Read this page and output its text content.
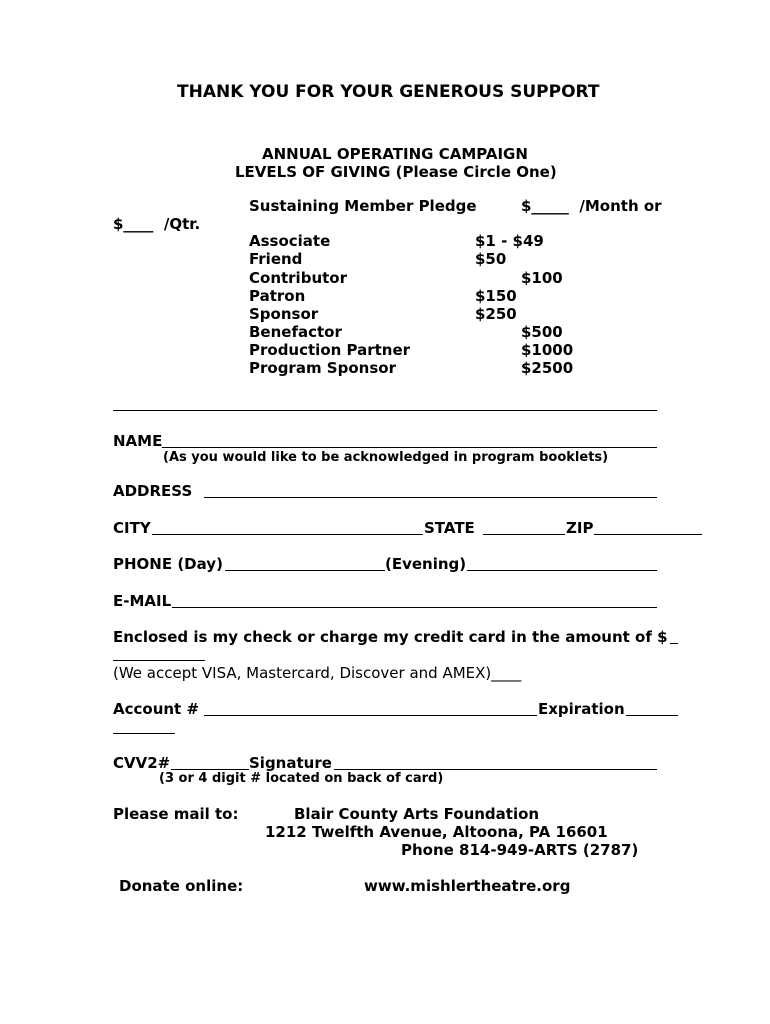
THANK YOU FOR YOUR GENEROUS SUPPORT
ANNUAL OPERATING CAMPAIGN
LEVELS OF GIVING (Please Circle One)
Sustaining Member Pledge	$_____  /Month or
$____  /Qtr.
Associate	$1 - $49
Friend	$50
Contributor	$100
Patron	$150
Sponsor	$250
Benefactor	$500
Production Partner	$1000
Program Sponsor	$2500
NAME
(As you would like to be acknowledged in program booklets)
ADDRESS
CITY	STATE	ZIP
PHONE (Day)	(Evening)
E-MAIL
Enclosed is my check or charge my credit card in the amount of $
(We accept VISA, Mastercard, Discover and AMEX)____
Account #	Expiration
CVV2#	Signature
(3 or 4 digit # located on back of card)
Please mail to:	Blair County Arts Foundation
1212 Twelfth Avenue, Altoona, PA 16601
Phone 814-949-ARTS (2787)
Donate online:	www.mishlertheatre.org
